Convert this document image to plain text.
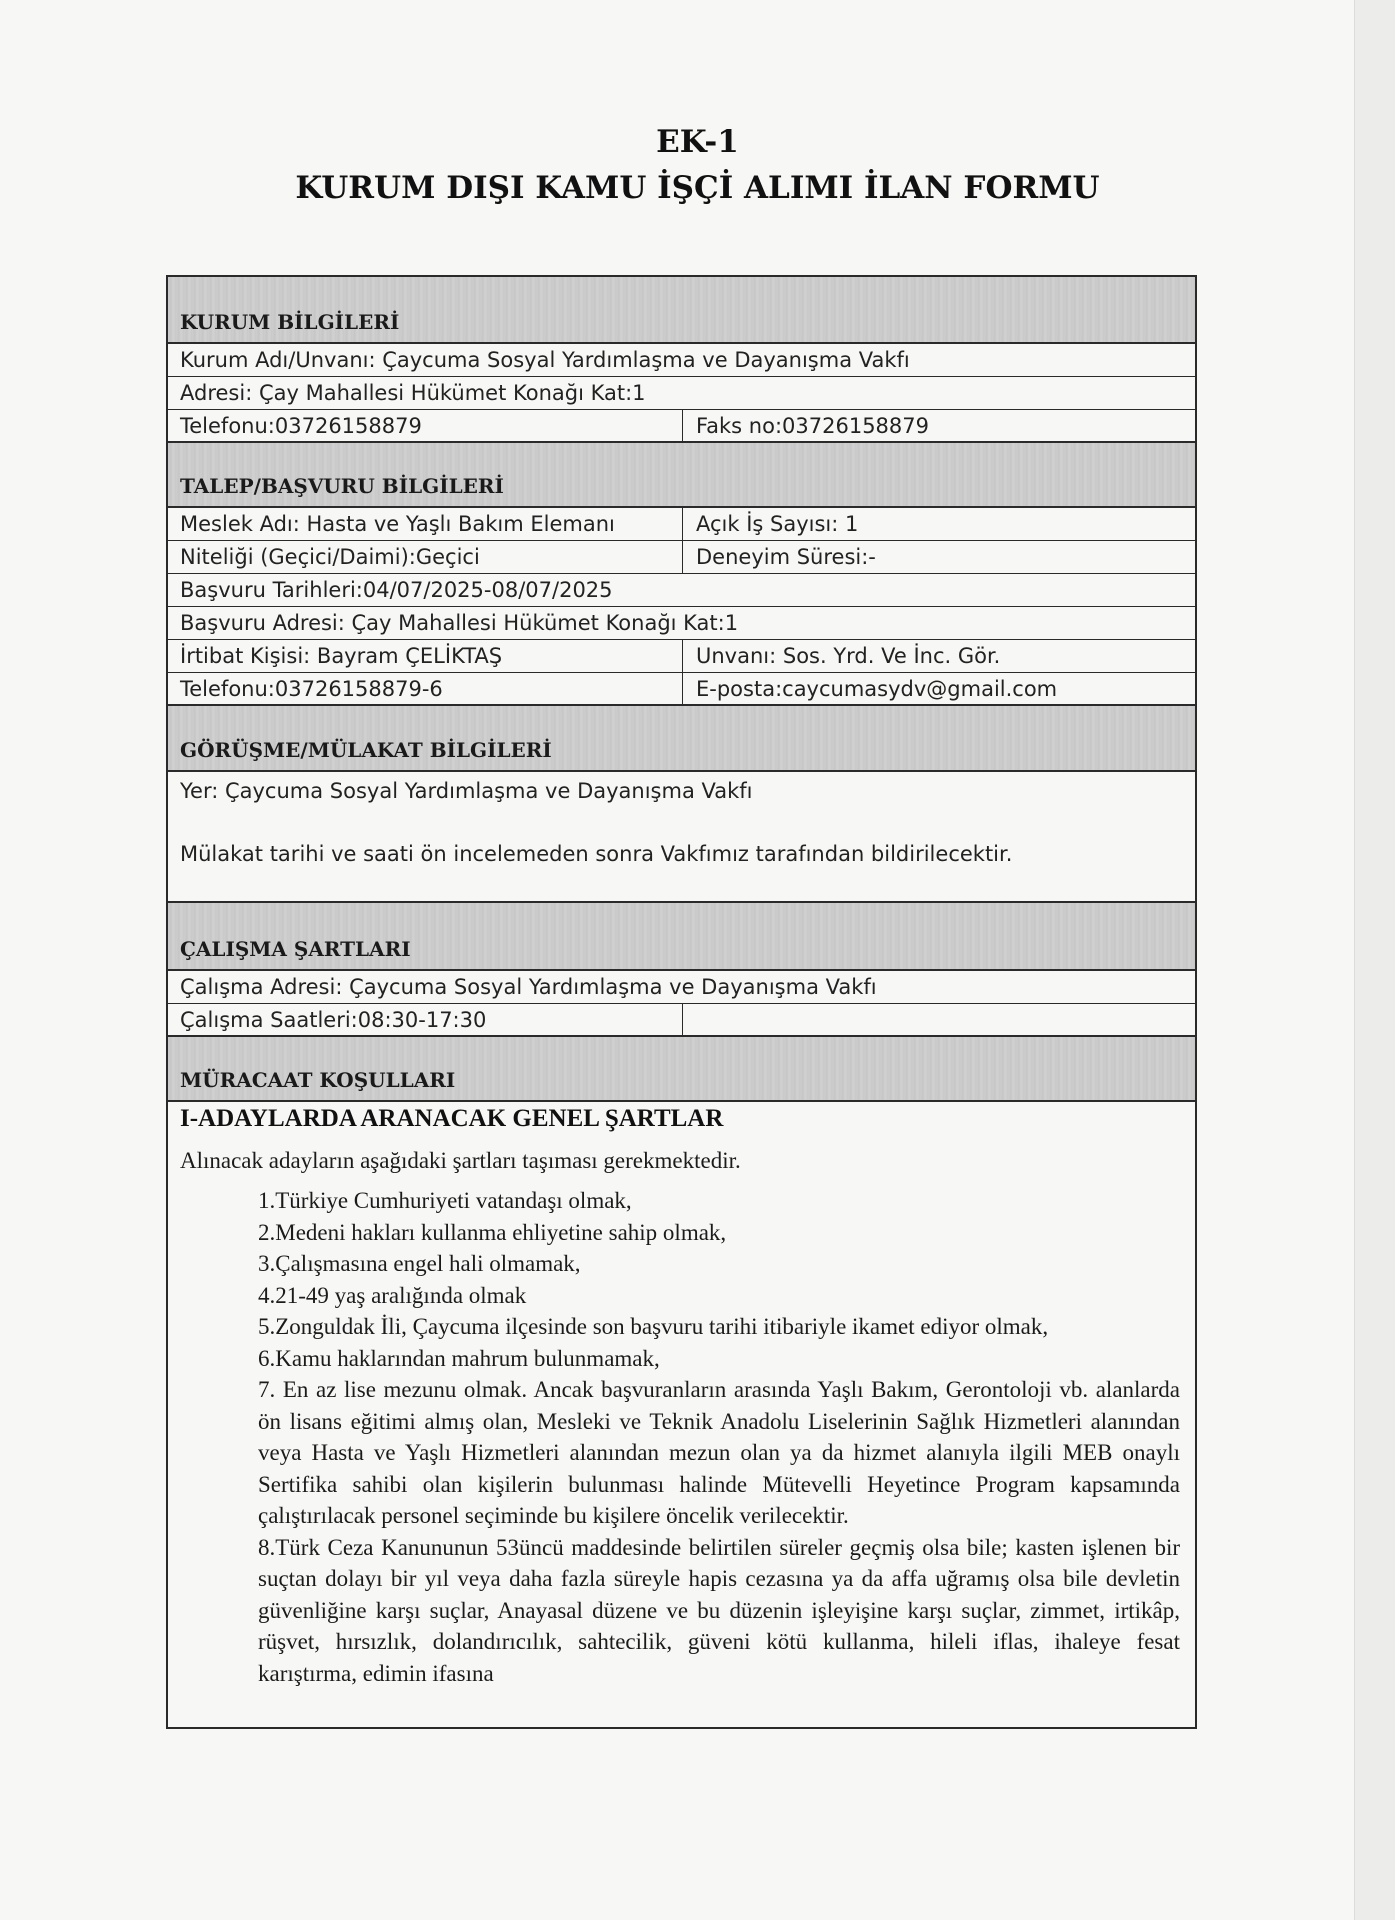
EK-1
KURUM DIŞI KAMU İŞÇİ ALIMI İLAN FORMU
KURUM BİLGİLERİ
Kurum Adı/Unvanı: Çaycuma Sosyal Yardımlaşma ve Dayanışma Vakfı
Adresi: Çay Mahallesi Hükümet Konağı Kat:1
Telefonu:03726158879	Faks no:03726158879
TALEP/BAŞVURU BİLGİLERİ
Meslek Adı: Hasta ve Yaşlı Bakım Elemanı	Açık İş Sayısı: 1
Niteliği (Geçici/Daimi):Geçici	Deneyim Süresi:-
Başvuru Tarihleri:04/07/2025-08/07/2025
Başvuru Adresi: Çay Mahallesi Hükümet Konağı Kat:1
İrtibat Kişisi: Bayram ÇELİKTAŞ	Unvanı: Sos. Yrd. Ve İnc. Gör.
Telefonu:03726158879-6	E-posta:caycumasydv@gmail.com
GÖRÜŞME/MÜLAKAT BİLGİLERİ
Yer: Çaycuma Sosyal Yardımlaşma ve Dayanışma Vakfı
Mülakat tarihi ve saati ön incelemeden sonra Vakfımız tarafından bildirilecektir.
ÇALIŞMA ŞARTLARI
Çalışma Adresi: Çaycuma Sosyal Yardımlaşma ve Dayanışma Vakfı
Çalışma Saatleri:08:30-17:30
MÜRACAAT KOŞULLARI
I-ADAYLARDA ARANACAK GENEL ŞARTLAR
Alınacak adayların aşağıdaki şartları taşıması gerekmektedir.
1.Türkiye Cumhuriyeti vatandaşı olmak,
2.Medeni hakları kullanma ehliyetine sahip olmak,
3.Çalışmasına engel hali olmamak,
4.21-49 yaş aralığında olmak
5.Zonguldak İli, Çaycuma ilçesinde son başvuru tarihi itibariyle ikamet ediyor olmak,
6.Kamu haklarından mahrum bulunmamak,
7. En az lise mezunu olmak. Ancak başvuranların arasında Yaşlı Bakım, Gerontoloji vb. alanlarda ön lisans eğitimi almış olan, Mesleki ve Teknik Anadolu Liselerinin Sağlık Hizmetleri alanından veya Hasta ve Yaşlı Hizmetleri alanından mezun olan ya da hizmet alanıyla ilgili MEB onaylı Sertifika sahibi olan kişilerin bulunması halinde Mütevelli Heyetince Program kapsamında çalıştırılacak personel seçiminde bu kişilere öncelik verilecektir.
8.Türk Ceza Kanununun 53üncü maddesinde belirtilen süreler geçmiş olsa bile; kasten işlenen bir suçtan dolayı bir yıl veya daha fazla süreyle hapis cezasına ya da affa uğramış olsa bile devletin güvenliğine karşı suçlar, Anayasal düzene ve bu düzenin işleyişine karşı suçlar, zimmet, irtikâp, rüşvet, hırsızlık, dolandırıcılık, sahtecilik, güveni kötü kullanma, hileli iflas, ihaleye fesat karıştırma, edimin ifasına
